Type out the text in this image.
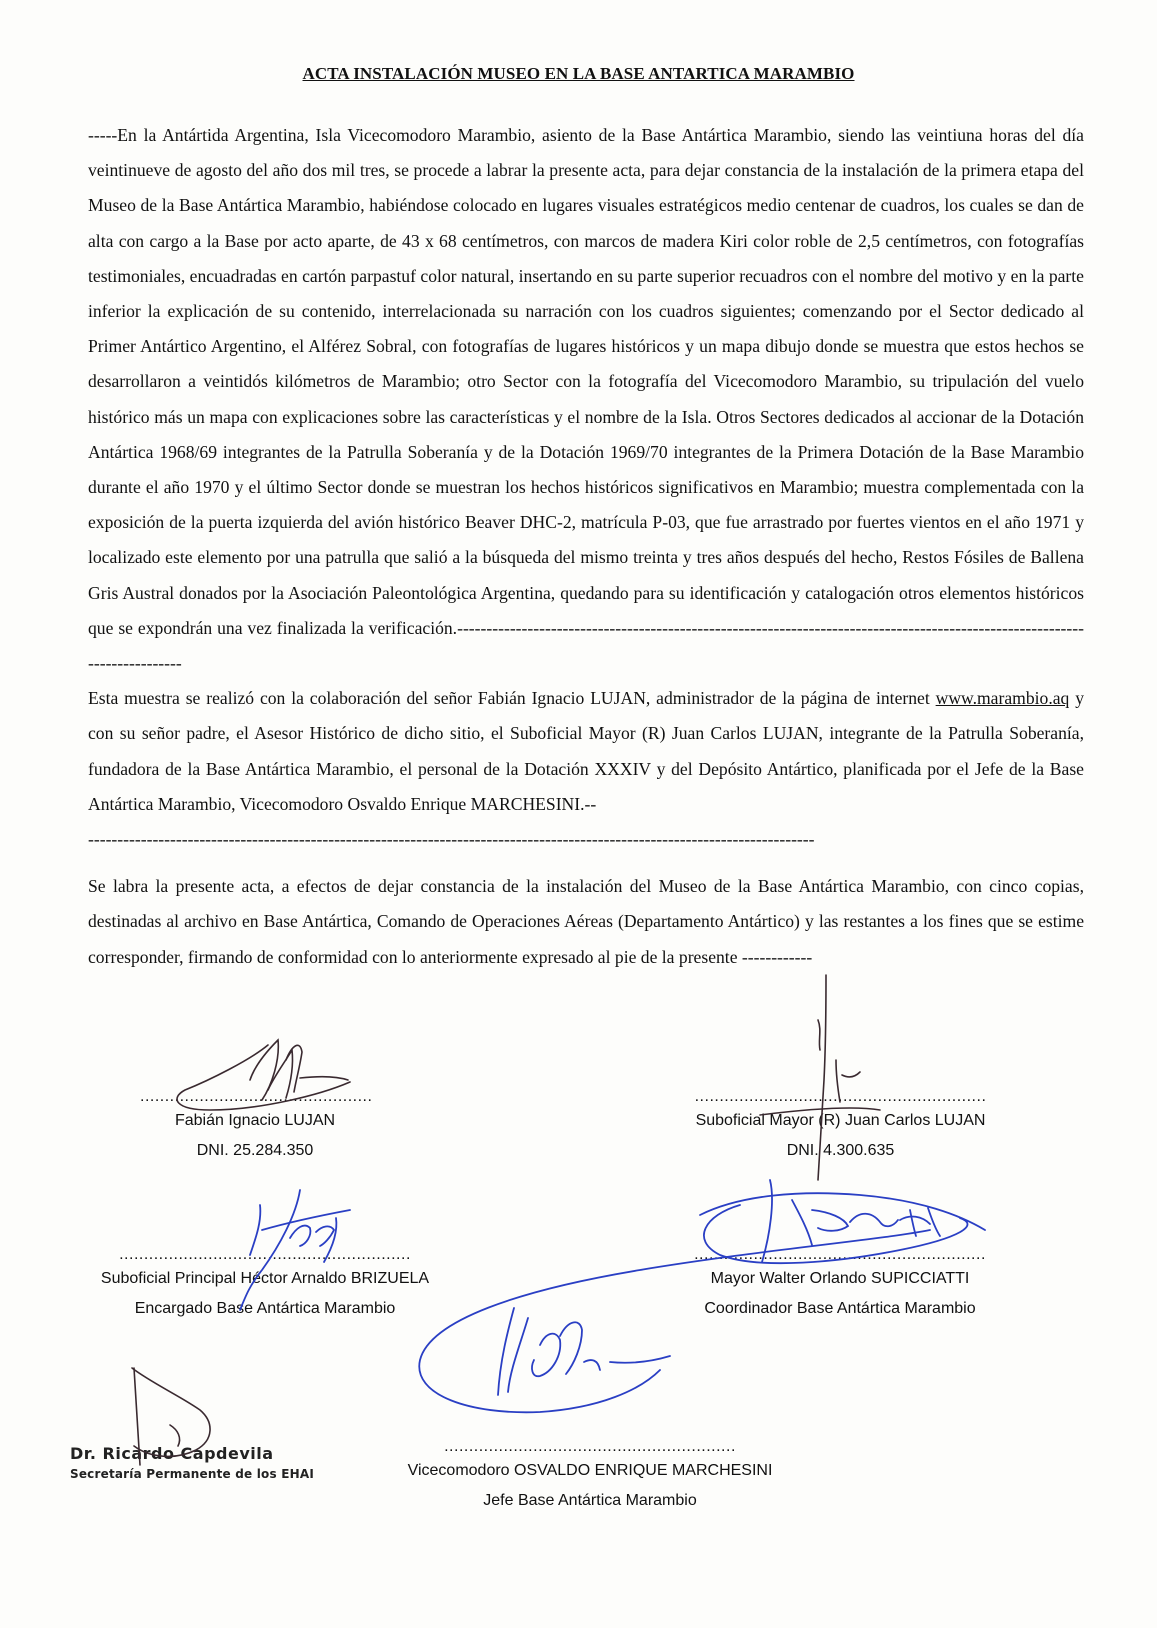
ACTA INSTALACIÓN MUSEO EN LA BASE ANTARTICA MARAMBIO

-----En la Antártida Argentina, Isla Vicecomodoro Marambio, asiento de la Base Antártica Marambio, siendo las veintiuna horas del día veintinueve de agosto del año dos mil tres, se procede a labrar la presente acta, para dejar constancia de la instalación de la primera etapa del Museo de la Base Antártica Marambio, habiéndose colocado en lugares visuales estratégicos medio centenar de cuadros, los cuales se dan de alta con cargo a la Base por acto aparte, de 43 x 68 centímetros, con marcos de madera Kiri color roble de 2,5 centímetros, con fotografías testimoniales, encuadradas en cartón parpastuf color natural, insertando en su parte superior recuadros con el nombre del motivo y en la parte inferior la explicación de su contenido, interrelacionada su narración con los cuadros siguientes; comenzando por el Sector dedicado al Primer Antártico Argentino, el Alférez Sobral, con fotografías de lugares históricos y un mapa dibujo donde se muestra que estos hechos se desarrollaron a veintidós kilómetros de Marambio; otro Sector con la fotografía del Vicecomodoro Marambio, su tripulación del vuelo histórico más un mapa con explicaciones sobre las características y el nombre de la Isla. Otros Sectores dedicados al accionar de la Dotación Antártica 1968/69 integrantes de la Patrulla Soberanía y de la Dotación 1969/70 integrantes de la Primera Dotación de la Base Marambio durante el año 1970 y el último Sector donde se muestran los hechos históricos significativos en Marambio; muestra complementada con la exposición de la puerta izquierda del avión histórico Beaver DHC-2, matrícula P-03, que fue arrastrado por fuertes vientos en el año 1971 y localizado este elemento por una patrulla que salió a la búsqueda del mismo treinta y tres años después del hecho, Restos Fósiles de Ballena Gris Austral donados por la Asociación Paleontológica Argentina, quedando para su identificación y catalogación otros elementos históricos que se expondrán una vez finalizada la verificación.---------------------------------------------------------------------------------------------------------------------------

Esta muestra se realizó con la colaboración del señor Fabián Ignacio LUJAN, administrador de la página de internet www.marambio.aq y con su señor padre, el Asesor Histórico de dicho sitio, el Suboficial Mayor (R) Juan Carlos LUJAN, integrante de la Patrulla Soberanía, fundadora de la Base Antártica Marambio, el personal de la Dotación XXXIV y del Depósito Antártico, planificada por el Jefe de la Base Antártica Marambio, Vicecomodoro Osvaldo Enrique MARCHESINI.--
----------------------------------------------------------------------------------------------------------------------------

Se labra la presente acta, a efectos de dejar constancia de la instalación del Museo de la Base Antártica Marambio, con cinco copias, destinadas al archivo en Base Antártica, Comando de Operaciones Aéreas (Departamento Antártico) y las restantes a los fines que se estime corresponder, firmando de conformidad con lo anteriormente expresado al pie de la presente ------------

...............................................
Fabián Ignacio LUJAN
DNI. 25.284.350
...........................................................
Suboficial Mayor (R) Juan Carlos LUJAN
DNI. 4.300.635
...........................................................
Suboficial Principal Héctor Arnaldo BRIZUELA
Encargado Base Antártica Marambio
...........................................................
Mayor Walter Orlando SUPICCIATTI
Coordinador Base Antártica Marambio
...........................................................
Vicecomodoro OSVALDO ENRIQUE MARCHESINI
Jefe Base Antártica Marambio
Dr. Ricardo Capdevila
Secretaría Permanente de los EHAI
